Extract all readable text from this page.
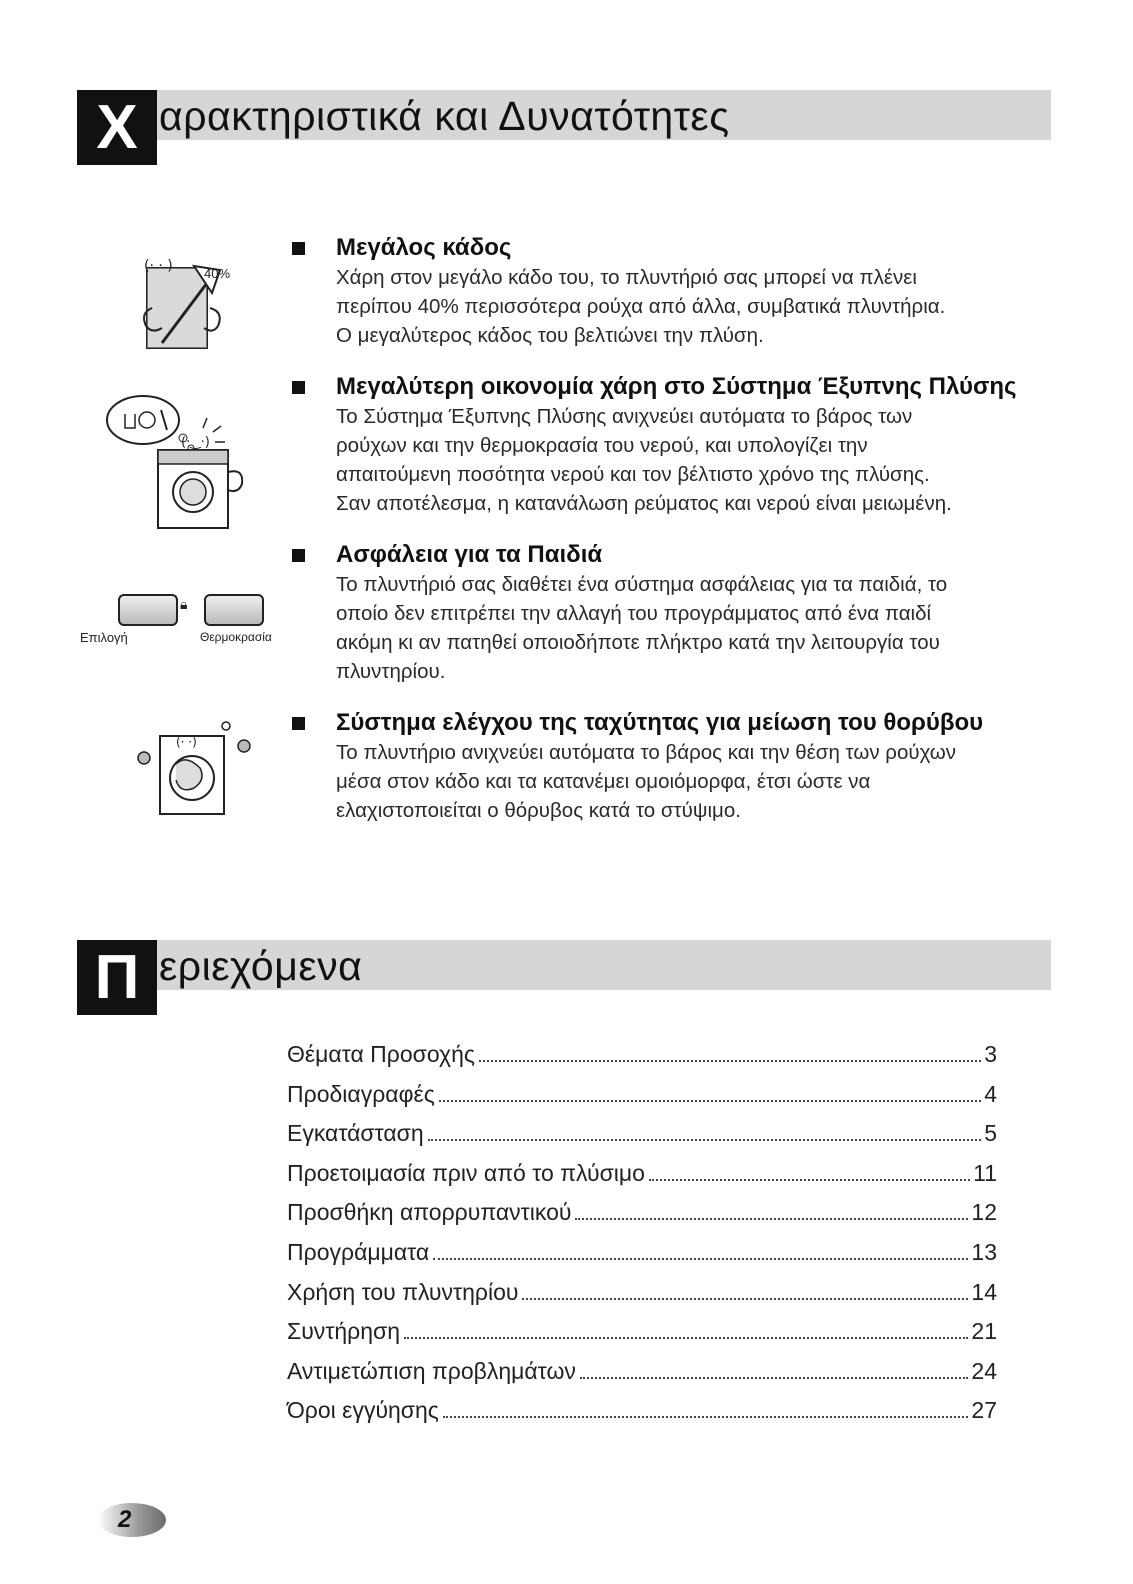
Χ αρακτηριστικά και Δυνατότητες
(· · ) 40%
(·‿·)
🔒︎
Επιλογή	Θερμοκρασία
(· ·)
Μεγάλος κάδος
Χάρη στον μεγάλο κάδο του, το πλυντήριό σας μπορεί να πλένει
περίπου 40% περισσότερα ρούχα από άλλα, συμβατικά πλυντήρια.
Ο μεγαλύτερος κάδος του βελτιώνει την πλύση.
Μεγαλύτερη οικονομία χάρη στο Σύστημα Έξυπνης Πλύσης
Το Σύστημα Έξυπνης Πλύσης ανιχνεύει αυτόματα το βάρος των
ρούχων και την θερμοκρασία του νερού, και υπολογίζει την
απαιτούμενη ποσότητα νερού και τον βέλτιστο χρόνο της πλύσης.
Σαν αποτέλεσμα, η κατανάλωση ρεύματος και νερού είναι μειωμένη.
Ασφάλεια για τα Παιδιά
Το πλυντήριό σας διαθέτει ένα σύστημα ασφάλειας για τα παιδιά, το
οποίο δεν επιτρέπει την αλλαγή του προγράμματος από ένα παιδί
ακόμη κι αν πατηθεί οποιοδήποτε πλήκτρο κατά την λειτουργία του
πλυντηρίου.
Σύστημα ελέγχου της ταχύτητας για μείωση του θορύβου
Το πλυντήριο ανιχνεύει αυτόματα το βάρος και την θέση των ρούχων
μέσα στον κάδο και τα κατανέμει ομοιόμορφα, έτσι ώστε να
ελαχιστοποιείται ο θόρυβος κατά το στύψιμο.
Π εριεχόμενα
Θέματα Προσοχής	3
Προδιαγραφές	4
Εγκατάσταση	5
Προετοιμασία πριν από το πλύσιμο	11
Προσθήκη απορρυπαντικού	12
Προγράμματα	13
Χρήση του πλυντηρίου	14
Συντήρηση	21
Αντιμετώπιση προβλημάτων	24
Όροι εγγύησης	27
2
